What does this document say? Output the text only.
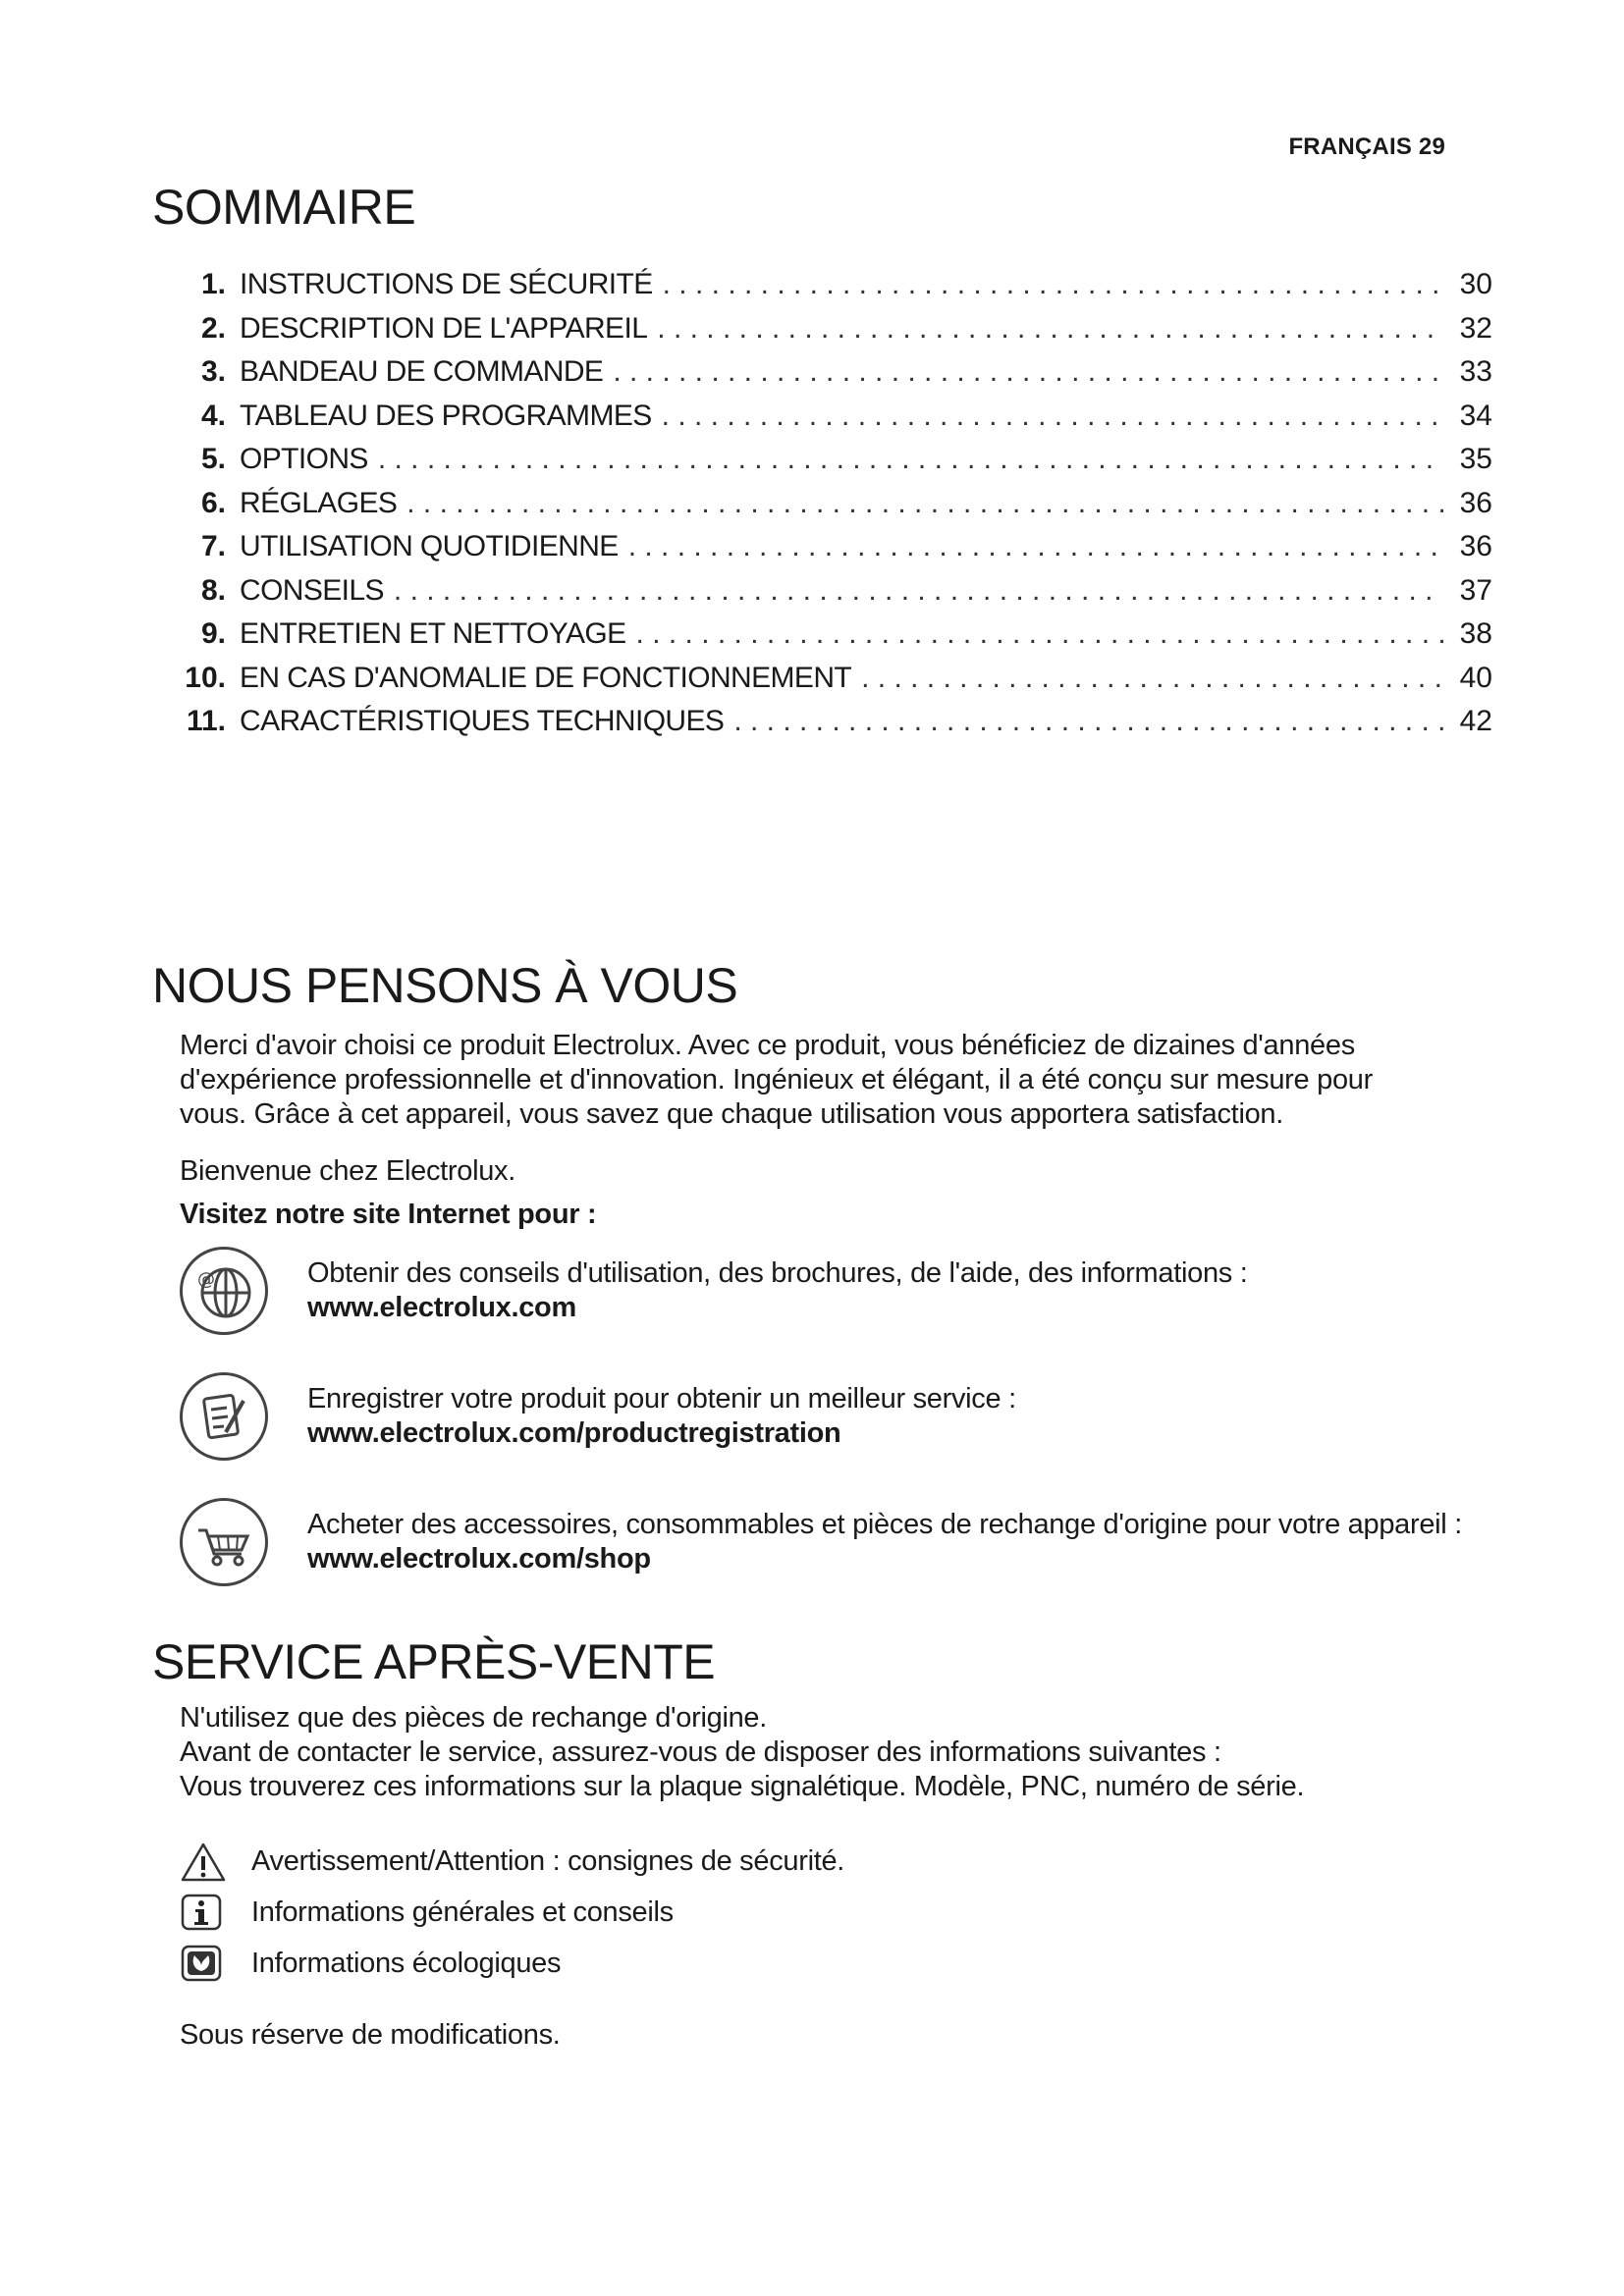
FRANÇAIS 29
SOMMAIRE
1. INSTRUCTIONS DE SÉCURITÉ . . .	30
2. DESCRIPTION DE L'APPAREIL . . .	32
3. BANDEAU DE COMMANDE . . .	33
4. TABLEAU DES PROGRAMMES . . .	34
5. OPTIONS . . .	35
6. RÉGLAGES . . .	36
7. UTILISATION QUOTIDIENNE . . .	36
8. CONSEILS . . .	37
9. ENTRETIEN ET NETTOYAGE . . .	38
10. EN CAS D'ANOMALIE DE FONCTIONNEMENT . . .	40
11. CARACTÉRISTIQUES TECHNIQUES . . .	42
NOUS PENSONS À VOUS

Merci d'avoir choisi ce produit Electrolux. Avec ce produit, vous bénéficiez de dizaines d'années
d'expérience professionnelle et d'innovation. Ingénieux et élégant, il a été conçu sur mesure pour
vous. Grâce à cet appareil, vous savez que chaque utilisation vous apportera satisfaction.

Bienvenue chez Electrolux.

Visitez notre site Internet pour :

@	Obtenir des conseils d'utilisation, des brochures, de l'aide, des informations :
www.electrolux.com
Enregistrer votre produit pour obtenir un meilleur service :
www.electrolux.com/productregistration
Acheter des accessoires, consommables et pièces de rechange d'origine pour votre appareil :
www.electrolux.com/shop
SERVICE APRÈS-VENTE

N'utilisez que des pièces de rechange d'origine.
Avant de contacter le service, assurez-vous de disposer des informations suivantes :
Vous trouverez ces informations sur la plaque signalétique. Modèle, PNC, numéro de série.

Avertissement/Attention : consignes de sécurité.
Informations générales et conseils
Informations écologiques

Sous réserve de modifications.
